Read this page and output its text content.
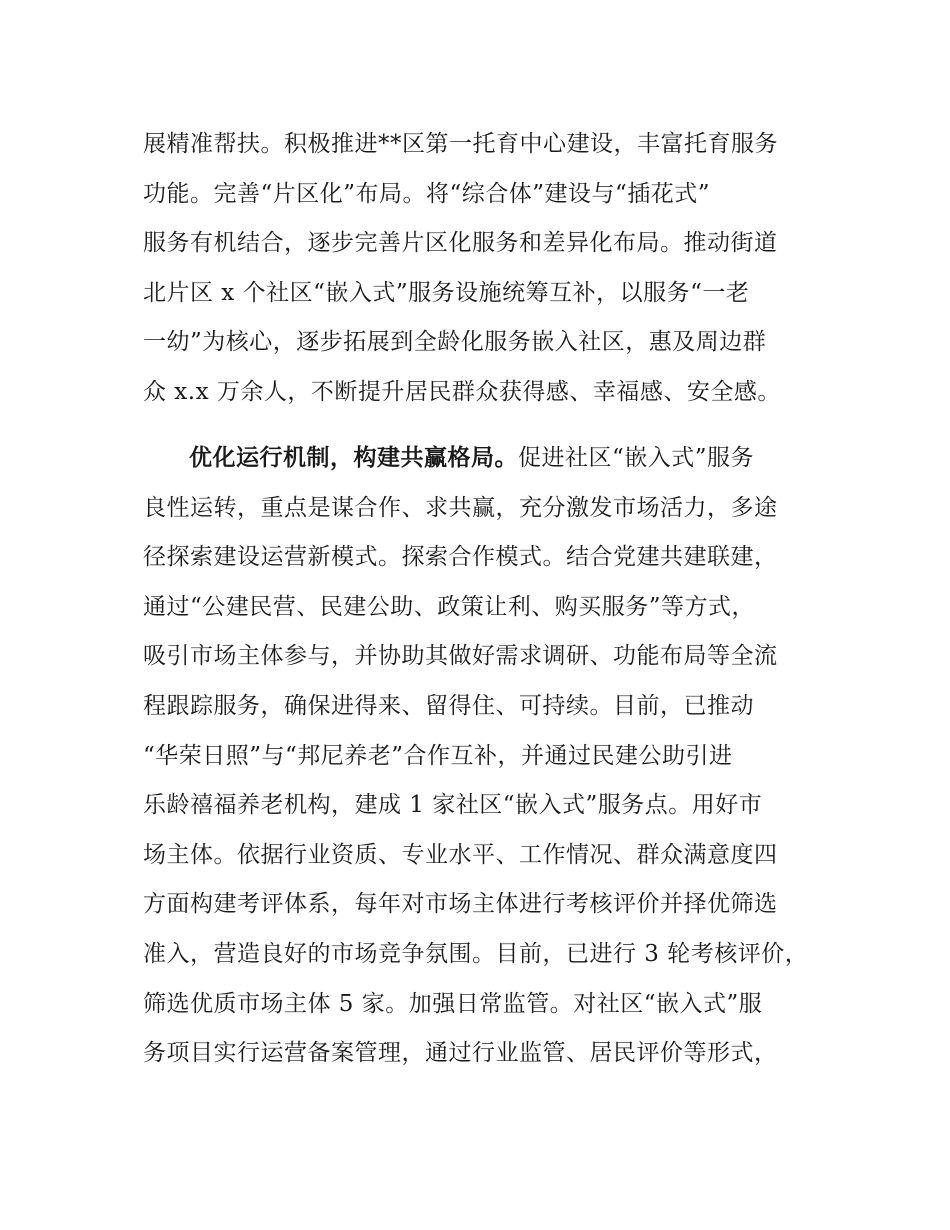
展精准帮扶。积极推进**区第一托育中心建设，丰富托育服务
功能。完善“片区化”布局。将“综合体”建设与“插花式”
服务有机结合，逐步完善片区化服务和差异化布局。推动街道
北片区 x 个社区“嵌入式”服务设施统筹互补，以服务“一老
一幼”为核心，逐步拓展到全龄化服务嵌入社区，惠及周边群
众 x.x 万余人，不断提升居民群众获得感、幸福感、安全感。

优化运行机制，构建共赢格局。促进社区“嵌入式”服务
良性运转，重点是谋合作、求共赢，充分激发市场活力，多途
径探索建设运营新模式。探索合作模式。结合党建共建联建，
通过“公建民营、民建公助、政策让利、购买服务”等方式，
吸引市场主体参与，并协助其做好需求调研、功能布局等全流
程跟踪服务，确保进得来、留得住、可持续。目前，已推动
“华荣日照”与“邦尼养老”合作互补，并通过民建公助引进
乐龄禧福养老机构，建成 1 家社区“嵌入式”服务点。用好市
场主体。依据行业资质、专业水平、工作情况、群众满意度四
方面构建考评体系，每年对市场主体进行考核评价并择优筛选
准入，营造良好的市场竞争氛围。目前，已进行 3 轮考核评价，
筛选优质市场主体 5 家。加强日常监管。对社区“嵌入式”服
务项目实行运营备案管理，通过行业监管、居民评价等形式，
